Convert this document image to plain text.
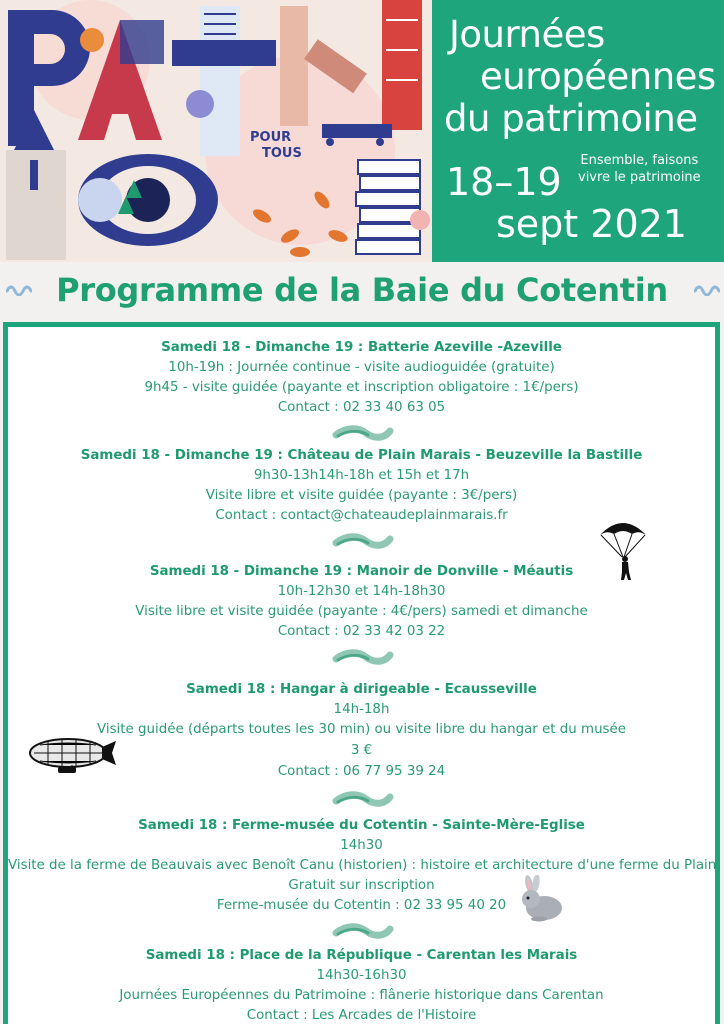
POUR
TOUS
Journées
européennes
du patrimoine
Ensemble, faisons
vivre le patrimoine
18–19
sept 2021
Programme de la Baie du Cotentin
Samedi 18 - Dimanche 19 : Batterie Azeville -Azeville
10h-19h : Journée continue - visite audioguidée (gratuite)
9h45 - visite guidée (payante et inscription obligatoire : 1€/pers)
Contact : 02 33 40 63 05
Samedi 18 - Dimanche 19 : Château de Plain Marais - Beuzeville la Bastille
9h30-13h14h-18h et 15h et 17h
Visite libre et visite guidée (payante : 3€/pers)
Contact : contact@chateaudeplainmarais.fr
Samedi 18 - Dimanche 19 : Manoir de Donville - Méautis
10h-12h30 et 14h-18h30
Visite libre et visite guidée (payante : 4€/pers) samedi et dimanche
Contact : 02 33 42 03 22
Samedi 18 : Hangar à dirigeable - Ecausseville
14h-18h
Visite guidée (départs toutes les 30 min) ou visite libre du hangar et du musée
3 €
Contact : 06 77 95 39 24
Samedi 18 : Ferme-musée du Cotentin - Sainte-Mère-Eglise
14h30
Visite de la ferme de Beauvais avec Benoît Canu (historien) : histoire et architecture d'une ferme du Plain
Gratuit sur inscription
Ferme-musée du Cotentin : 02 33 95 40 20
Samedi 18 : Place de la République - Carentan les Marais
14h30-16h30
Journées Européennes du Patrimoine : flânerie historique dans Carentan
Contact : Les Arcades de l'Histoire
